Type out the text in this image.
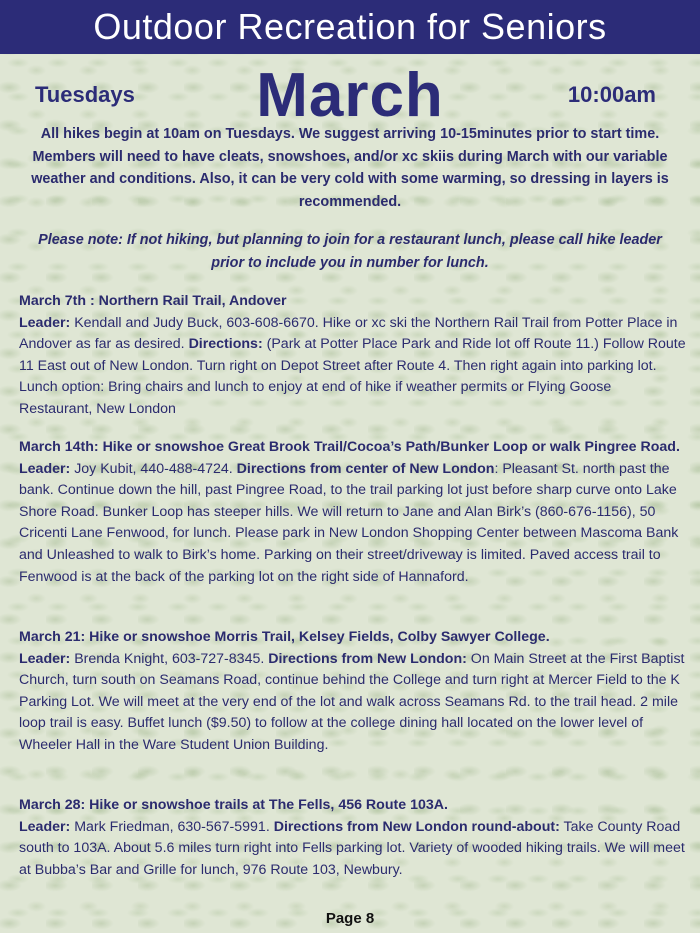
Outdoor Recreation for Seniors
Tuesdays	March	10:00am
All hikes begin at 10am on Tuesdays. We suggest arriving 10-15minutes prior to start time. Members will need to have cleats, snowshoes, and/or xc skiis during March with our variable weather and conditions. Also, it can be very cold with some warming, so dressing in layers is recommended.
Please note: If not hiking, but planning to join for a restaurant lunch, please call hike leader prior to include you in number for lunch.
March 7th : Northern Rail Trail, Andover
Leader: Kendall and Judy Buck, 603-608-6670. Hike or xc ski the Northern Rail Trail from Potter Place in Andover as far as desired. Directions: (Park at Potter Place Park and Ride lot off Route 11.) Follow Route 11 East out of New London. Turn right on Depot Street after Route 4. Then right again into parking lot. Lunch option: Bring chairs and lunch to enjoy at end of hike if weather permits or Flying Goose Restaurant, New London
March 14th: Hike or snowshoe Great Brook Trail/Cocoa’s Path/Bunker Loop or walk Pingree Road. Leader: Joy Kubit, 440-488-4724. Directions from center of New London: Pleasant St. north past the bank. Continue down the hill, past Pingree Road, to the trail parking lot just before sharp curve onto Lake Shore Road. Bunker Loop has steeper hills. We will return to Jane and Alan Birk’s (860-676-1156), 50 Cricenti Lane Fenwood, for lunch. Please park in New London Shopping Center between Mascoma Bank and Unleashed to walk to Birk’s home. Parking on their street/driveway is limited. Paved access trail to Fenwood is at the back of the parking lot on the right side of Hannaford.
March 21: Hike or snowshoe Morris Trail, Kelsey Fields, Colby Sawyer College.
Leader: Brenda Knight, 603-727-8345. Directions from New London: On Main Street at the First Baptist Church, turn south on Seamans Road, continue behind the College and turn right at Mercer Field to the K Parking Lot. We will meet at the very end of the lot and walk across Seamans Rd. to the trail head. 2 mile loop trail is easy. Buffet lunch ($9.50) to follow at the college dining hall located on the lower level of Wheeler Hall in the Ware Student Union Building.
March 28: Hike or snowshoe trails at The Fells, 456 Route 103A.
Leader: Mark Friedman, 630-567-5991. Directions from New London round-about: Take County Road south to 103A. About 5.6 miles turn right into Fells parking lot. Variety of wooded hiking trails. We will meet at Bubba’s Bar and Grille for lunch, 976 Route 103, Newbury.
Page 8
